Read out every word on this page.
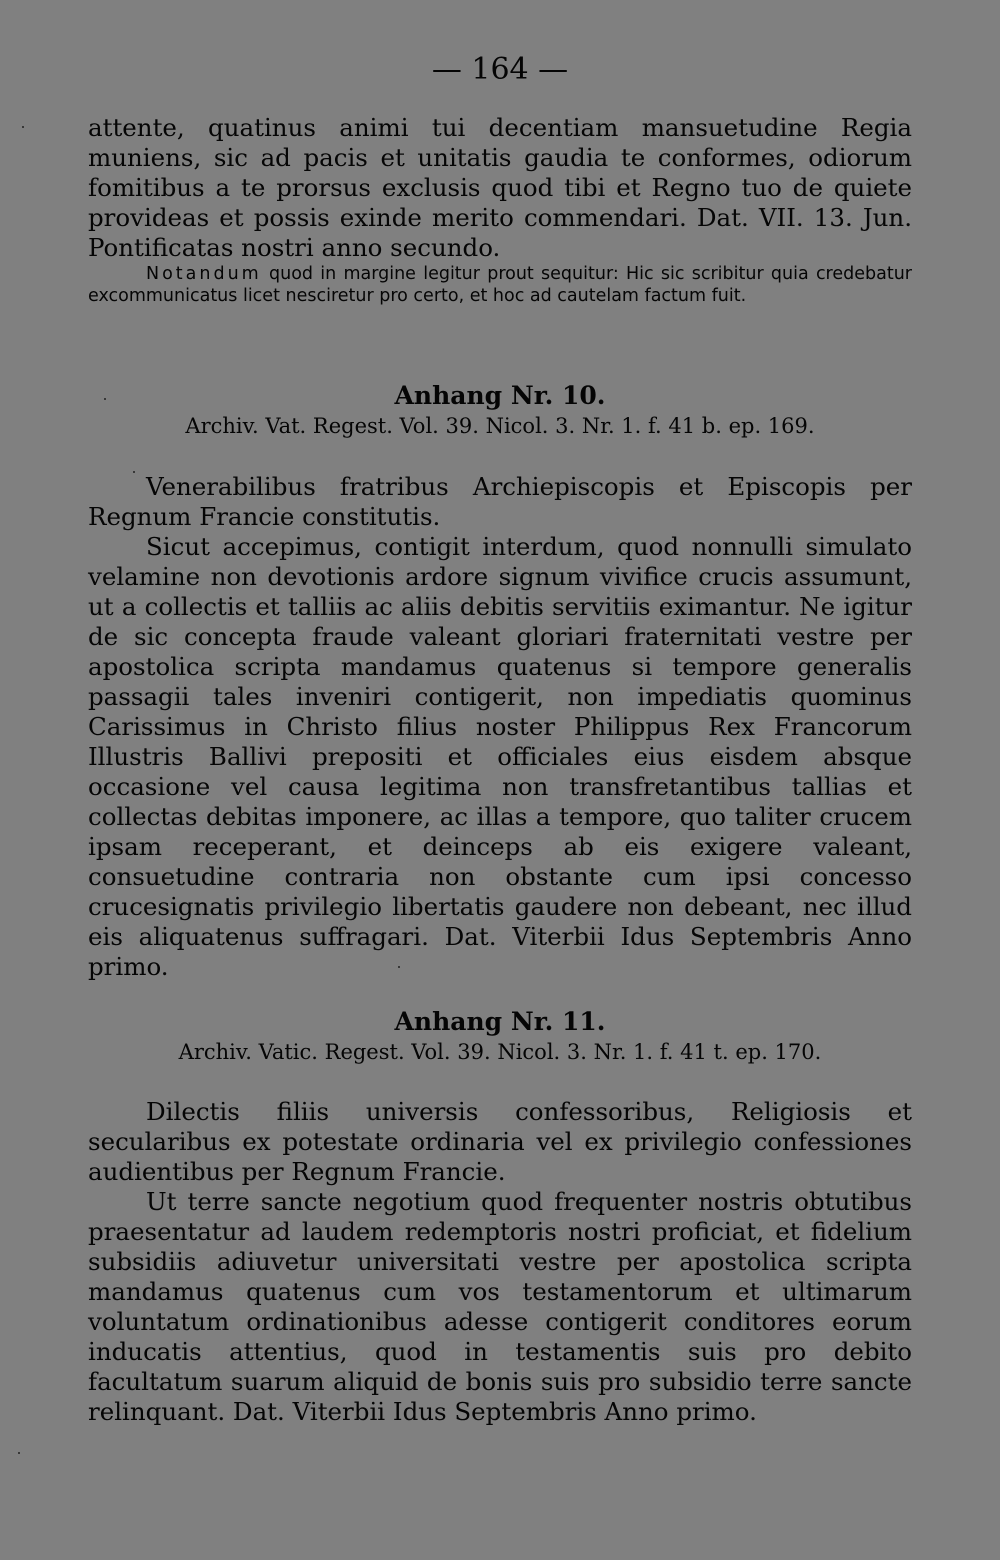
— 164 —

attente, quatinus animi tui decentiam mansuetudine Regia muniens, sic ad pacis et unitatis gaudia te conformes, odiorum fomitibus a te prorsus exclusis quod tibi et Regno tuo de quiete provideas et possis exinde merito commendari. Dat. VII. 13. Jun. Pontificatas nostri anno secundo.

Notandum quod in margine legitur prout sequitur: Hic sic scribitur quia credebatur excommunicatus licet nesciretur pro certo, et hoc ad cautelam factum fuit.

Anhang Nr. 10.

Archiv. Vat. Regest. Vol. 39. Nicol. 3. Nr. 1. f. 41 b. ep. 169.

Venerabilibus fratribus Archiepiscopis et Episcopis per Regnum Francie constitutis.

Sicut accepimus, contigit interdum, quod nonnulli simulato velamine non devotionis ardore signum vivifice crucis assumunt, ut a collectis et talliis ac aliis debitis servitiis eximantur. Ne igitur de sic concepta fraude valeant gloriari fraternitati vestre per apostolica scripta mandamus quatenus si tempore generalis passagii tales inveniri contigerit, non impediatis quominus Carissimus in Christo filius noster Philippus Rex Francorum Illustris Ballivi prepositi et officiales eius eisdem absque occasione vel causa legitima non transfretantibus tallias et collectas debitas imponere, ac illas a tempore, quo taliter crucem ipsam receperant, et deinceps ab eis exigere valeant, consuetudine contraria non obstante cum ipsi concesso crucesignatis privilegio libertatis gaudere non debeant, nec illud eis aliquatenus suffragari. Dat. Viterbii Idus Septembris Anno primo.

Anhang Nr. 11.

Archiv. Vatic. Regest. Vol. 39. Nicol. 3. Nr. 1. f. 41 t. ep. 170.

Dilectis filiis universis confessoribus, Religiosis et secularibus ex potestate ordinaria vel ex privilegio confessiones audientibus per Regnum Francie.

Ut terre sancte negotium quod frequenter nostris obtutibus praesentatur ad laudem redemptoris nostri proficiat, et fidelium subsidiis adiuvetur universitati vestre per apostolica scripta mandamus quatenus cum vos testamentorum et ultimarum voluntatum ordinationibus adesse contigerit conditores eorum inducatis attentius, quod in testamentis suis pro debito facultatum suarum aliquid de bonis suis pro subsidio terre sancte relinquant. Dat. Viterbii Idus Septembris Anno primo.
